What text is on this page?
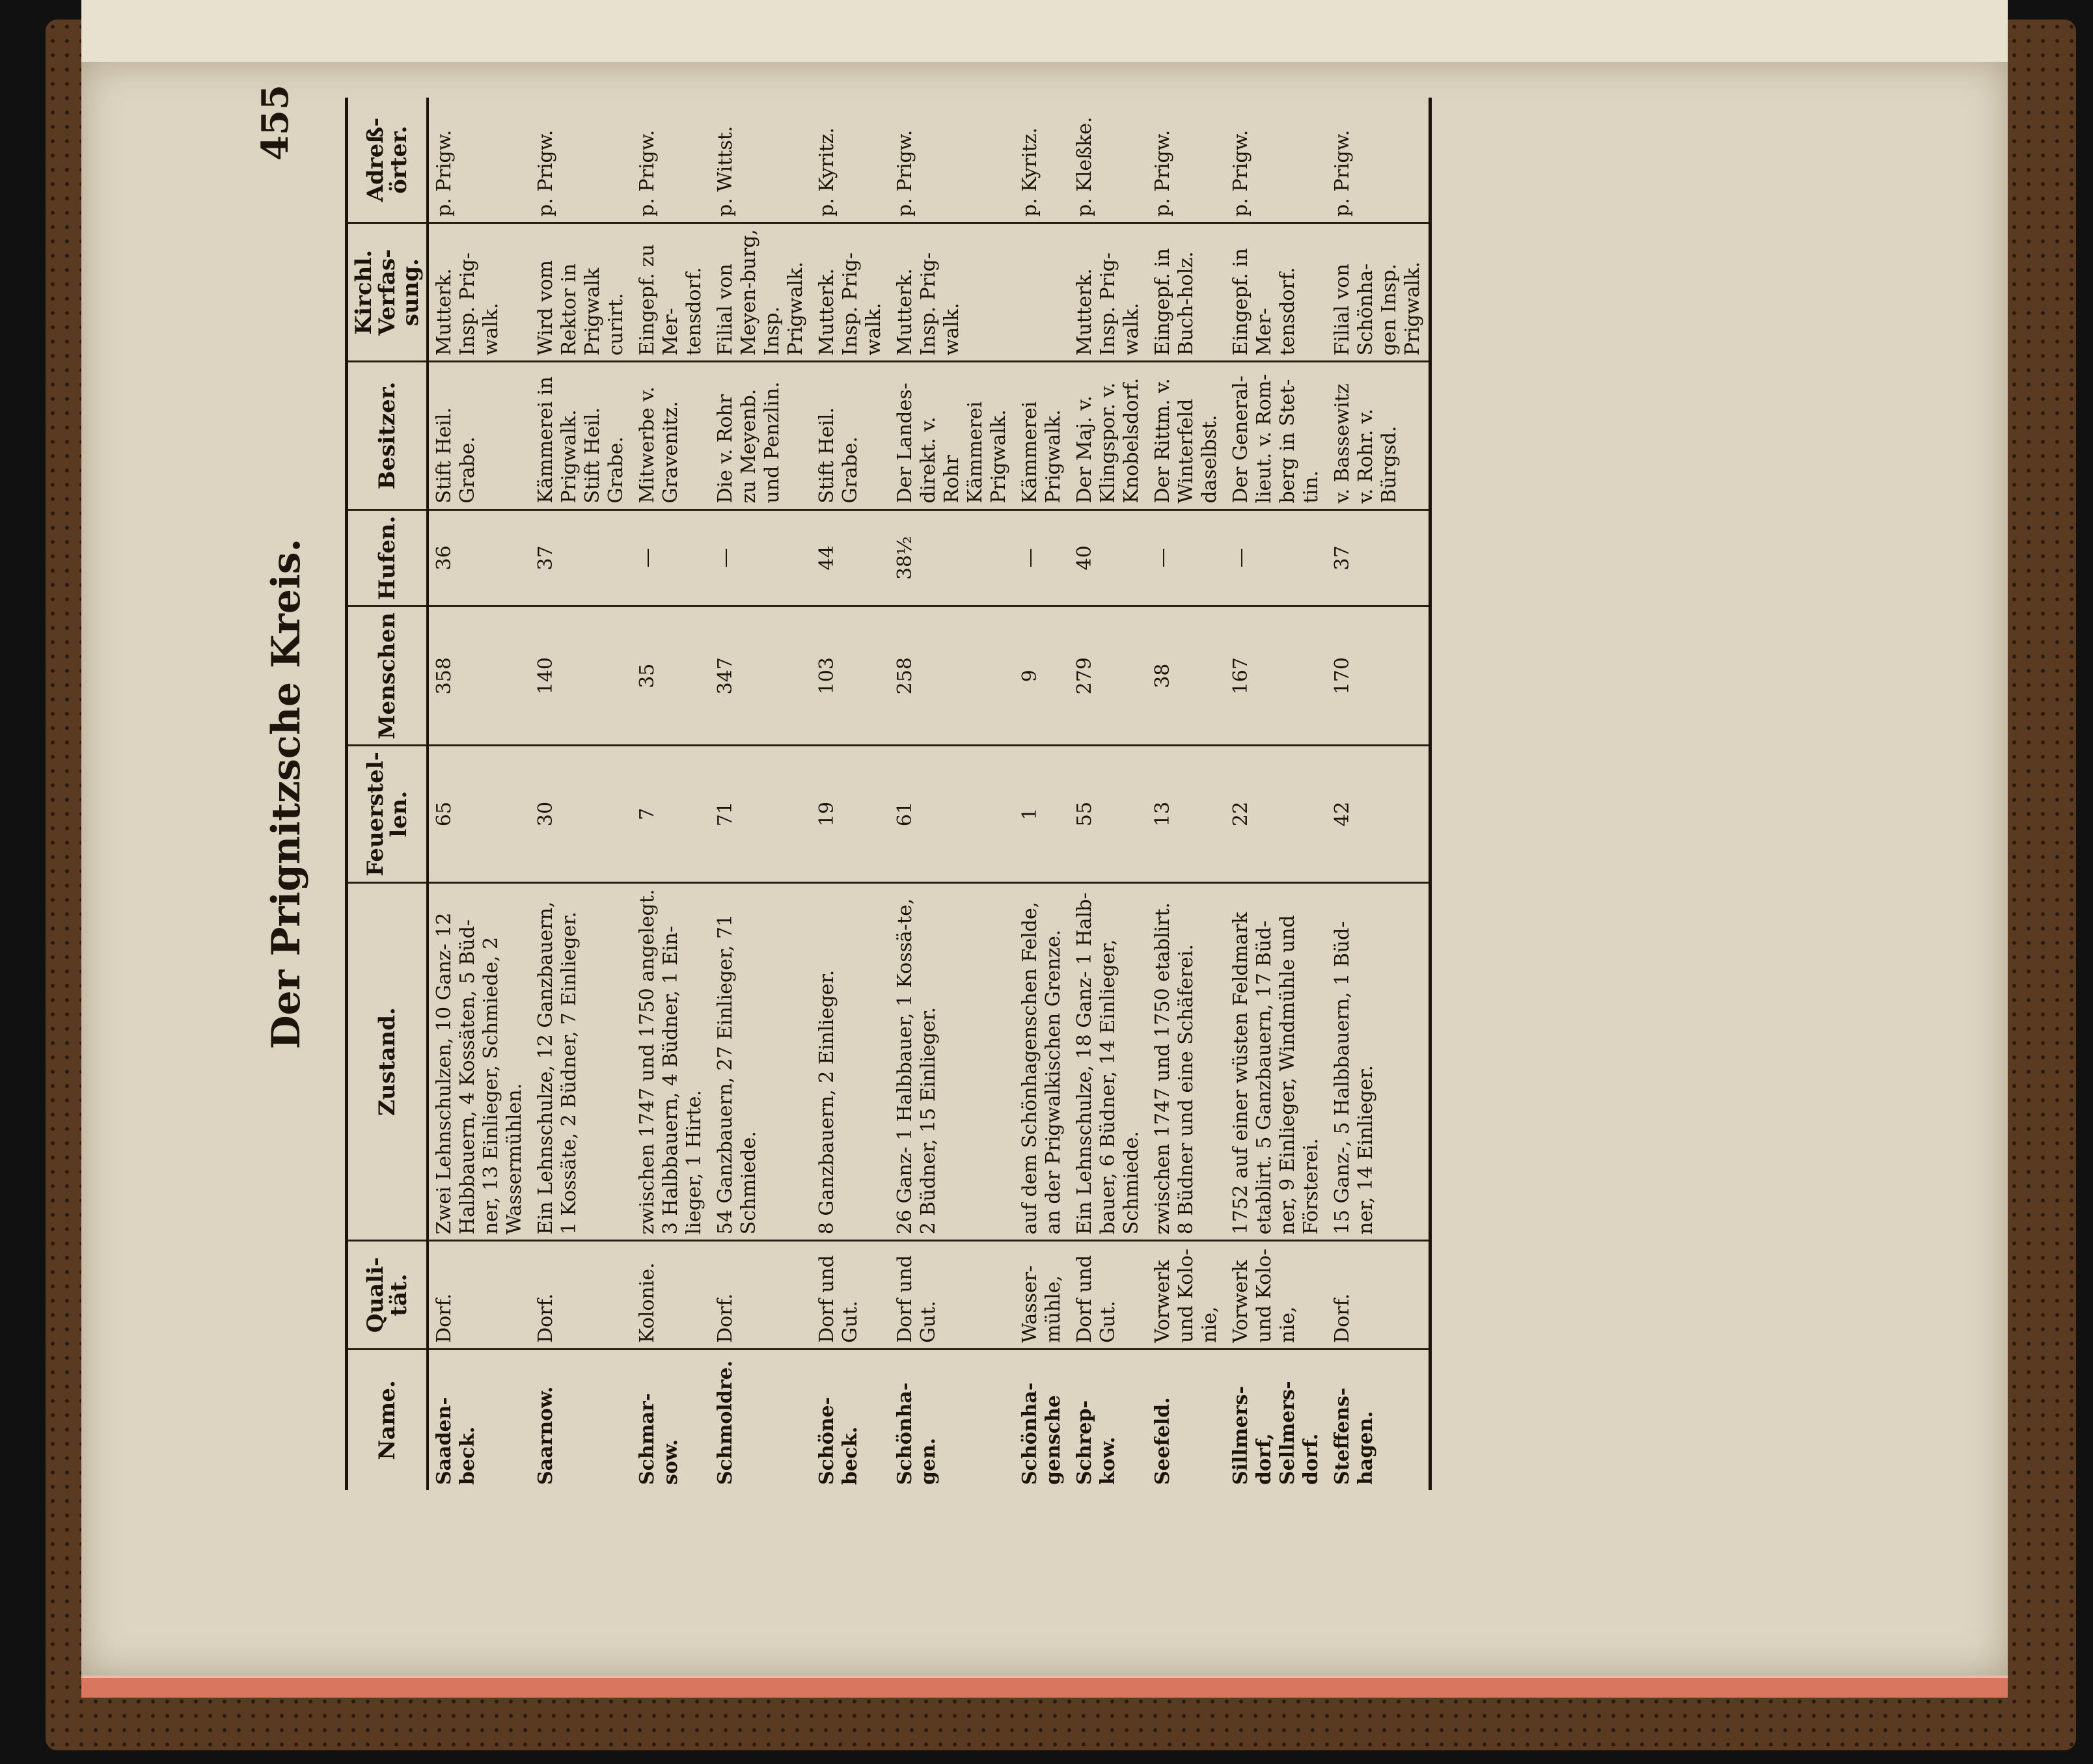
Der Prignitzsche Kreis.
455
Name.	Quali-tät.	Zustand.	Feuerstel-len.	Menschen	Hufen.	Besitzer.	Kirchl. Verfas-sung.	Adreß-örter.
Saaden-beck.	Dorf.	Zwei Lehnschulzen, 10 Ganz- 12 Halbbauern, 4 Kossäten, 5 Büd-ner, 13 Einlieger, Schmiede, 2 Wassermühlen.	65	358	36	Stift Heil. Grabe.	Mutterk. Insp. Prig-walk.	p. Prigw.
Saarnow.	Dorf.	Ein Lehnschulze, 12 Ganzbauern, 1 Kossäte, 2 Büdner, 7 Einlieger.	30	140	37	Kämmerei in Prigwalk. Stift Heil. Grabe.	Wird vom Rektor in Prigwalk curirt.	p. Prigw.
Schmar-sow.	Kolonie.	zwischen 1747 und 1750 angelegt. 3 Halbbauern, 4 Büdner, 1 Ein-lieger, 1 Hirte.	7	35	—	Mitwerbe v. Gravenitz.	Eingepf. zu Mer-tensdorf.	p. Prigw.
Schmoldre.	Dorf.	54 Ganzbauern, 27 Einlieger, 71 Schmiede.	71	347	—	Die v. Rohr zu Meyenb. und Penzlin.	Filial von Meyen-burg, Insp. Prigwalk.	p. Wittst.
Schöne-beck.	Dorf und Gut.	8 Ganzbauern, 2 Einlieger.	19	103	44	Stift Heil. Grabe.	Mutterk. Insp. Prig-walk.	p. Kyritz.
Schönha-gen.	Dorf und Gut.	26 Ganz- 1 Halbbauer, 1 Kossä-te, 2 Büdner, 15 Einlieger.	61	258	38½	Der Landes-direkt. v. Rohr Kämmerei Prigwalk.	Mutterk. Insp. Prig-walk.	p. Prigw.
Schönha-gensche	Wasser-mühle,	auf dem Schönhagenschen Felde, an der Prigwalkischen Grenze.	1	9	—	Kämmerei Prigwalk.		p. Kyritz.
Schrep-kow.	Dorf und Gut.	Ein Lehnschulze, 18 Ganz- 1 Halb-bauer, 6 Büdner, 14 Einlieger, Schmiede.	55	279	40	Der Maj. v. Klingspor. v. Knobelsdorf.	Mutterk. Insp. Prig-walk.	p. Kleßke.
Seefeld.	Vorwerk und Kolo-nie,	zwischen 1747 und 1750 etablirt. 8 Büdner und eine Schäferei.	13	38	—	Der Rittm. v. Winterfeld daselbst.	Eingepf. in Buch-holz.	p. Prigw.
Sillmers-dorf, Sellmers-dorf.	Vorwerk und Kolo-nie,	1752 auf einer wüsten Feldmark etablirt. 5 Ganzbauern, 17 Büd-ner, 9 Einlieger, Windmühle und Försterei.	22	167	—	Der General-lieut. v. Rom-berg in Stet-tin.	Eingepf. in Mer-tensdorf.	p. Prigw.
Steffens-hagen.	Dorf.	15 Ganz-, 5 Halbbauern, 1 Büd-ner, 14 Einlieger.	42	170	37	v. Bassewitz v. Rohr. v. Bürgsd.	Filial von Schönha-gen Insp. Prigwalk.	p. Prigw.
